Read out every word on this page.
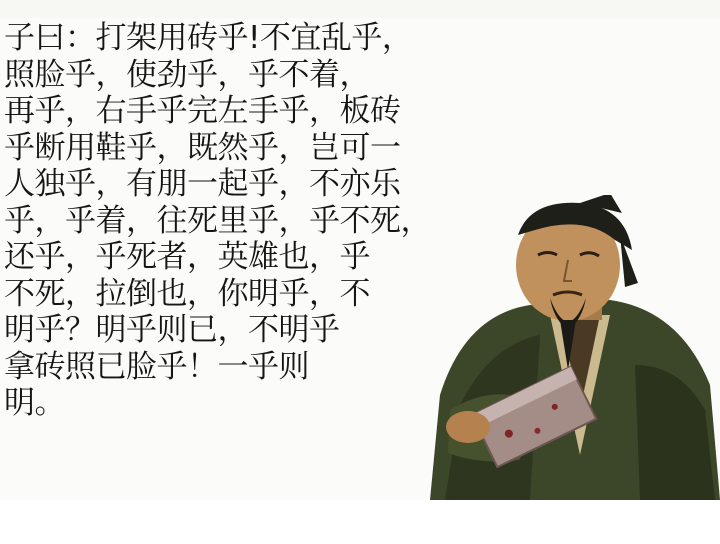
子曰：打架用砖乎!不宜乱乎，
照脸乎，使劲乎，乎不着，
再乎，右手乎完左手乎，板砖
乎断用鞋乎，既然乎，岂可一
人独乎，有朋一起乎，不亦乐
乎，乎着，往死里乎，乎不死，
还乎，乎死者，英雄也，乎
不死，拉倒也，你明乎，不
明乎？明乎则已，不明乎
拿砖照已脸乎！一乎则
明。
